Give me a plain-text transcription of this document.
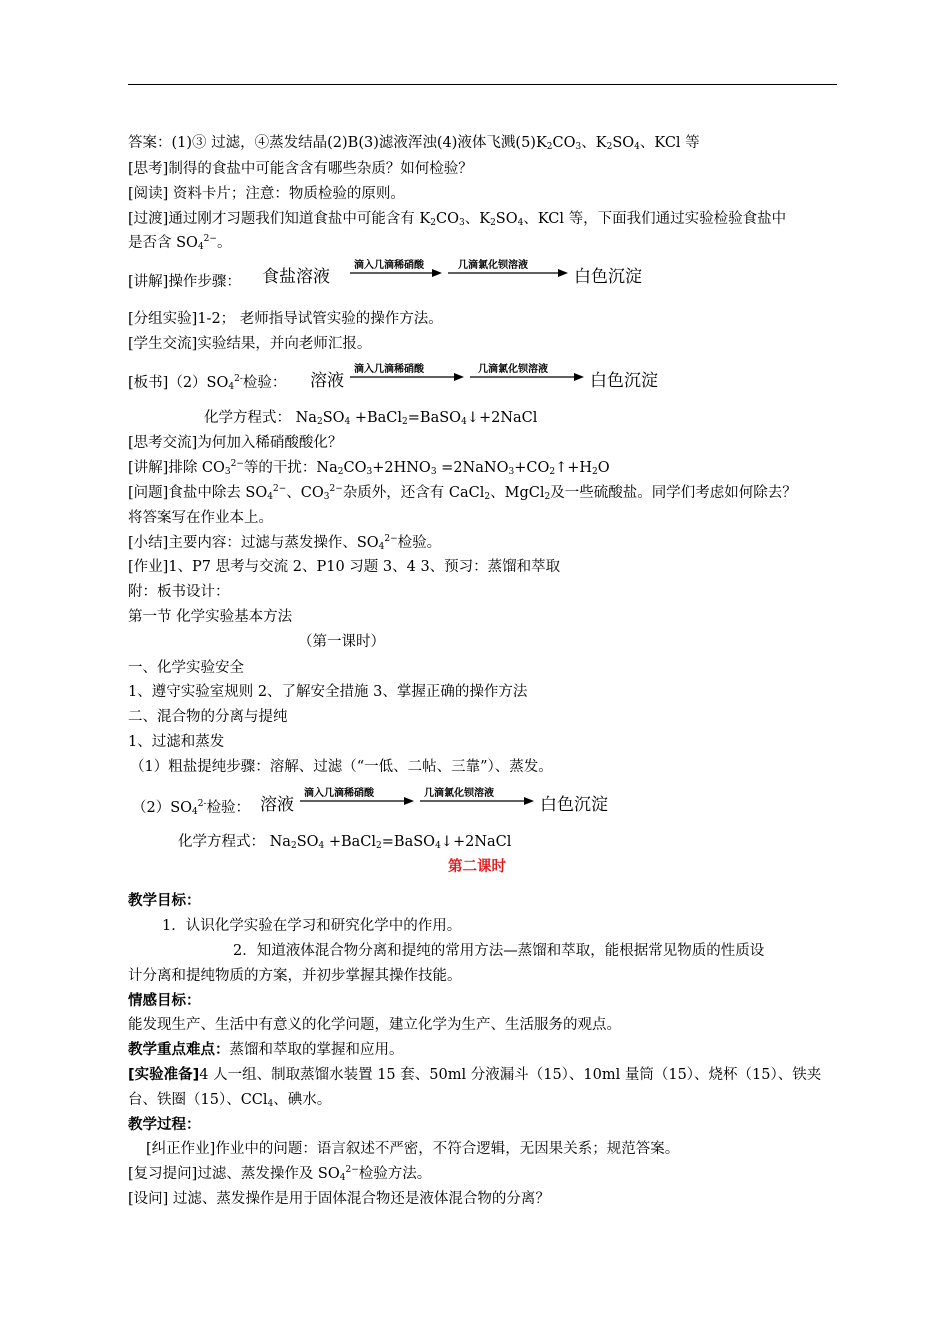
答案：(1)③ 过滤，④蒸发结晶(2)B(3)滤液浑浊(4)液体飞溅$(5)K_2CO_3$、$K_2SO_4$、KCl 等
[思考]制得的食盐中可能含含有哪些杂质？如何检验？
[阅读] 资料卡片；注意：物质检验的原则。
[过渡]通过刚才习题我们知道食盐中可能含有 $K_2CO_3$、$K_2SO_4$、KCl 等，下面我们通过实验检验食盐中
是否含 $SO_4^{2-}$。
[讲解]操作步骤： 食盐溶液
滴入几滴稀硝酸	几滴氯化钡溶液
白色沉淀
[分组实验]1-2； 老师指导试管实验的操作方法。
[学生交流]实验结果，并向老师汇报。
[板书]$(2)SO_4^{2-}$检验： 溶液
滴入几滴稀硝酸	几滴氯化钡溶液
白色沉淀
化学方程式： $Na_2SO_4$ +BaCl$_2$=BaSO$_4$↓+2NaCl
[思考交流]为何加入稀硝酸酸化？
[讲解]排除 $CO_3^{2-}$等的干扰：$Na_2CO_3+2HNO_3$ $=2NaNO_3+CO_2↑+H_2O$
[问题]食盐中除去 $SO_4^{2-}$、$CO_3^{2-}$杂质外，还含有 CaCl$_2$、MgCl$_2$及一些硫酸盐。同学们考虑如何除去？
将答案写在作业本上。
[小结]主要内容：过滤与蒸发操作、$SO_4^{2-}$检验。
[作业]1、P7 思考与交流 2、P10 习题 3、4 3、预习：蒸馏和萃取
附：板书设计：
第一节 化学实验基本方法
（第一课时）
一、化学实验安全
1、遵守实验室规则 2、了解安全措施 3、掌握正确的操作方法
二、混合物的分离与提纯
1、过滤和蒸发
（1）粗盐提纯步骤：溶解、过滤（“一低、二帖、三靠”）、蒸发。
$(2)SO_4^{2-}$检验： 溶液
滴入几滴稀硝酸	几滴氯化钡溶液
白色沉淀
化学方程式： $Na_2SO_4$ +BaCl$_2$=BaSO$_4$↓+2NaCl
第二课时
教学目标：
1．认识化学实验在学习和研究化学中的作用。
2．知道液体混合物分离和提纯的常用方法—蒸馏和萃取，能根据常见物质的性质设
计分离和提纯物质的方案，并初步掌握其操作技能。
情感目标：
能发现生产、生活中有意义的化学问题，建立化学为生产、生活服务的观点。
教学重点难点：蒸馏和萃取的掌握和应用。
[实验准备]4 人一组、制取蒸馏水装置 15 套、50ml 分液漏斗（15）、10ml 量筒（15）、烧杯（15）、铁夹
台、铁圈（15）、CCl$_4$、碘水。
教学过程：
[纠正作业]作业中的问题：语言叙述不严密，不符合逻辑，无因果关系；规范答案。
[复习提问]过滤、蒸发操作及 $SO_4^{2-}$检验方法。
[设问] 过滤、蒸发操作是用于固体混合物还是液体混合物的分离？
